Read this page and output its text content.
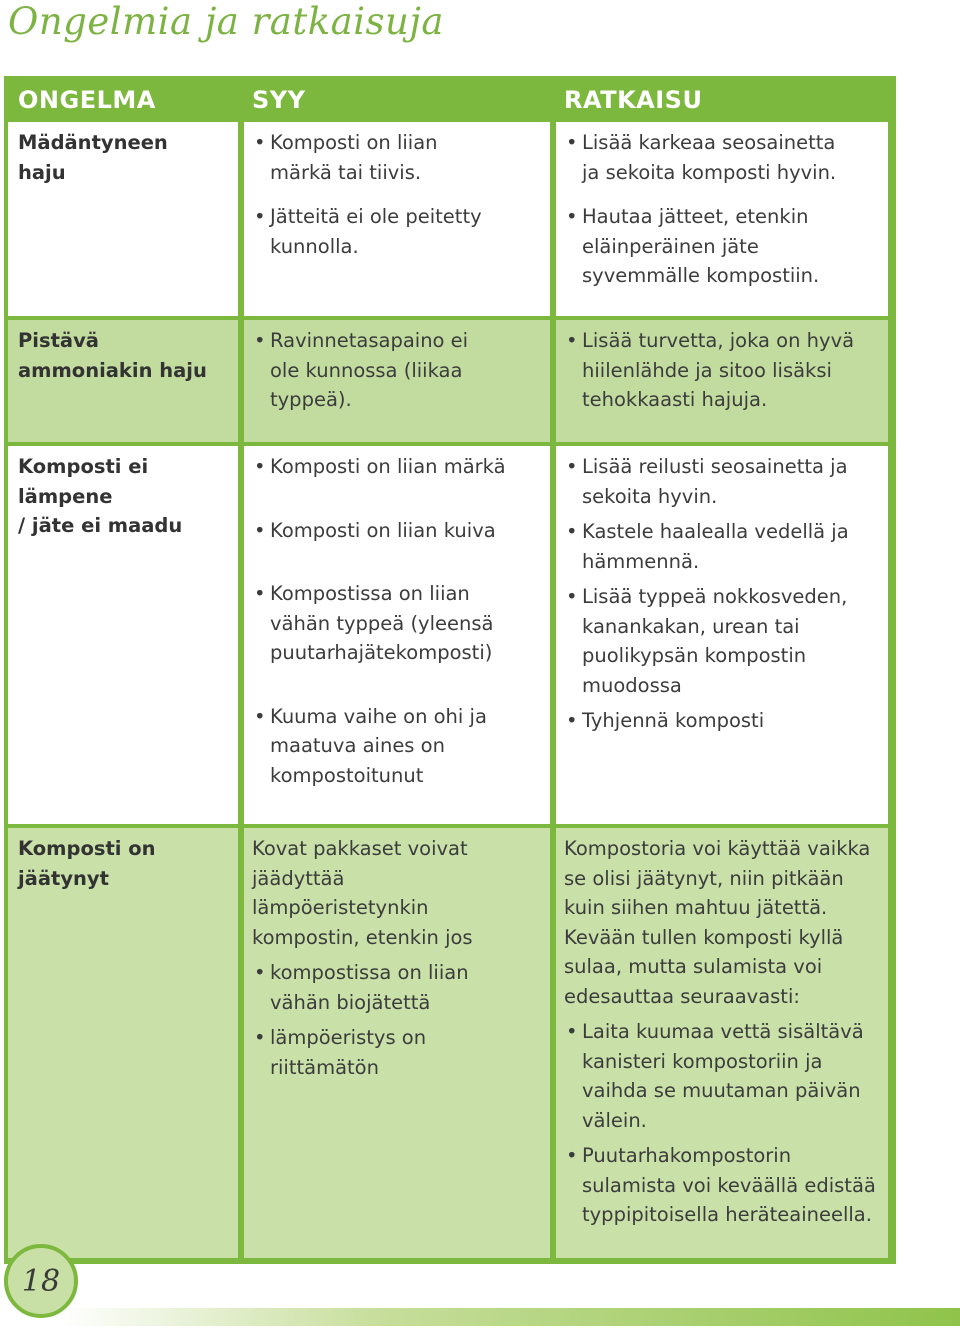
Ongelmia ja ratkaisuja
ONGELMA	SYY	RATKAISU
Mädäntyneen
haju
• Komposti on liian märkä tai tiivis.
• Jätteitä ei ole peitetty kunnolla.
• Lisää karkeaa seosainetta ja sekoita komposti hyvin.
• Hautaa jätteet, etenkin eläinperäinen jäte syvemmälle kompostiin.
Pistävä
ammoniakin haju
• Ravinnetasapaino ei ole kunnossa (liikaa typpeä).
• Lisää turvetta, joka on hyvä hiilenlähde ja sitoo lisäksi tehokkaasti hajuja.
Komposti ei lämpene
/ jäte ei maadu
• Komposti on liian märkä
• Komposti on liian kuiva
• Kompostissa on liian vähän typpeä (yleensä puutarhajätekomposti)
• Kuuma vaihe on ohi ja maatuva aines on kompostoitunut
• Lisää reilusti seosainetta ja sekoita hyvin.
• Kastele haalealla vedellä ja hämmennä.
• Lisää typpeä nokkosveden, kanankakan, urean tai puolikypsän kompostin muodossa
• Tyhjennä komposti
Komposti on
jäätynyt
Kovat pakkaset voivat jäädyttää lämpöeristetynkin kompostin, etenkin jos
• kompostissa on liian vähän biojätettä
• lämpöeristys on riittämätön
Kompostoria voi käyttää vaikka se olisi jäätynyt, niin pitkään kuin siihen mahtuu jätettä. Kevään tullen komposti kyllä sulaa, mutta sulamista voi edesauttaa seuraavasti:
• Laita kuumaa vettä sisältävä kanisteri kompostoriin ja vaihda se muutaman päivän välein.
• Puutarhakompostorin sulamista voi keväällä edistää typpipitoisella heräteaineella.
18
